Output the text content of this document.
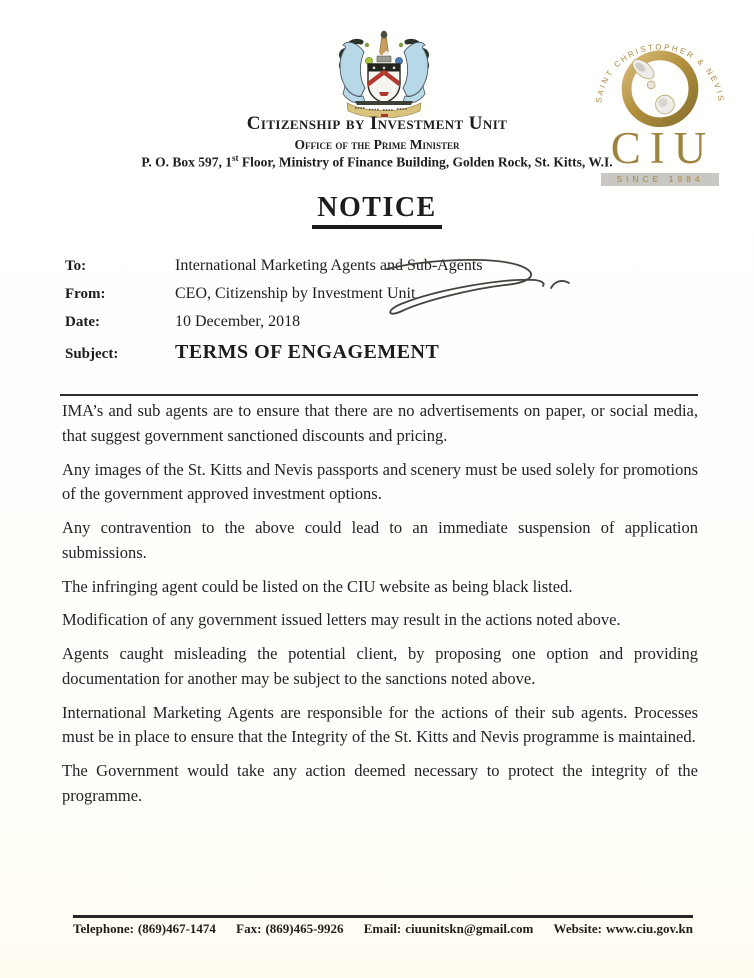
Citizenship by Investment Unit
Office of the Prime Minister
P. O. Box 597, 1st Floor, Ministry of Finance Building, Golden Rock, St. Kitts, W.I.
SAINT CHRISTOPHER & NEVIS
CIU
SINCE 1984
NOTICE
To:	International Marketing Agents and Sub-Agents
From:	CEO, Citizenship by Investment Unit
Date:	10 December, 2018
Subject:	TERMS OF ENGAGEMENT

IMA’s and sub agents are to ensure that there are no advertisements on paper, or social media, that suggest government sanctioned discounts and pricing.

Any images of the St. Kitts and Nevis passports and scenery must be used solely for promotions of the government approved investment options.

Any contravention to the above could lead to an immediate suspension of application submissions.

The infringing agent could be listed on the CIU website as being black listed.

Modification of any government issued letters may result in the actions noted above.

Agents caught misleading the potential client, by proposing one option and providing documentation for another may be subject to the sanctions noted above.

International Marketing Agents are responsible for the actions of their sub agents. Processes must be in place to ensure that the Integrity of the St. Kitts and Nevis programme is maintained.

The Government would take any action deemed necessary to protect the integrity of the programme.

Telephone: (869)467-1474 Fax: (869)465-9926 Email: ciuunitskn@gmail.com Website: www.ciu.gov.kn
